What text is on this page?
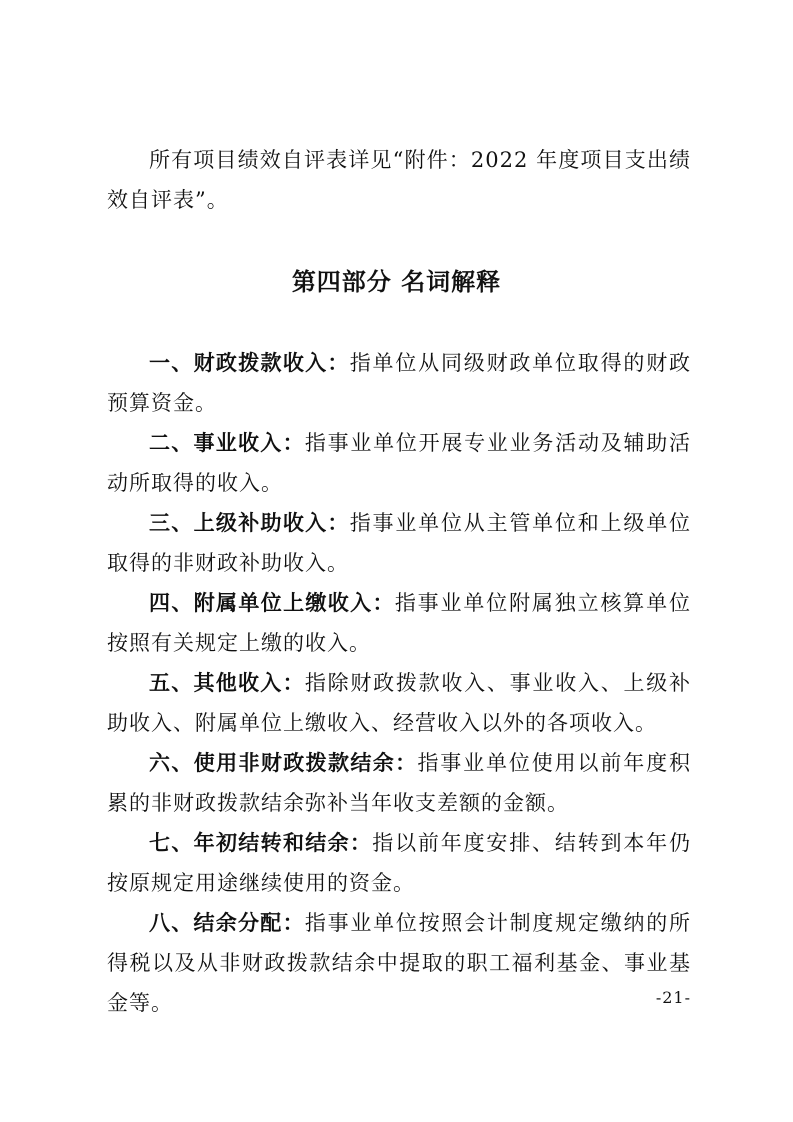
所有项目绩效自评表详见“附件：2022 年度项目支出绩效自评表”。

第四部分 名词解释

一、财政拨款收入：指单位从同级财政单位取得的财政预算资金。

二、事业收入：指事业单位开展专业业务活动及辅助活动所取得的收入。

三、上级补助收入：指事业单位从主管单位和上级单位取得的非财政补助收入。

四、附属单位上缴收入：指事业单位附属独立核算单位按照有关规定上缴的收入。

五、其他收入：指除财政拨款收入、事业收入、上级补助收入、附属单位上缴收入、经营收入以外的各项收入。

六、使用非财政拨款结余：指事业单位使用以前年度积累的非财政拨款结余弥补当年收支差额的金额。

七、年初结转和结余：指以前年度安排、结转到本年仍按原规定用途继续使用的资金。

八、结余分配：指事业单位按照会计制度规定缴纳的所得税以及从非财政拨款结余中提取的职工福利基金、事业基金等。	-21-
